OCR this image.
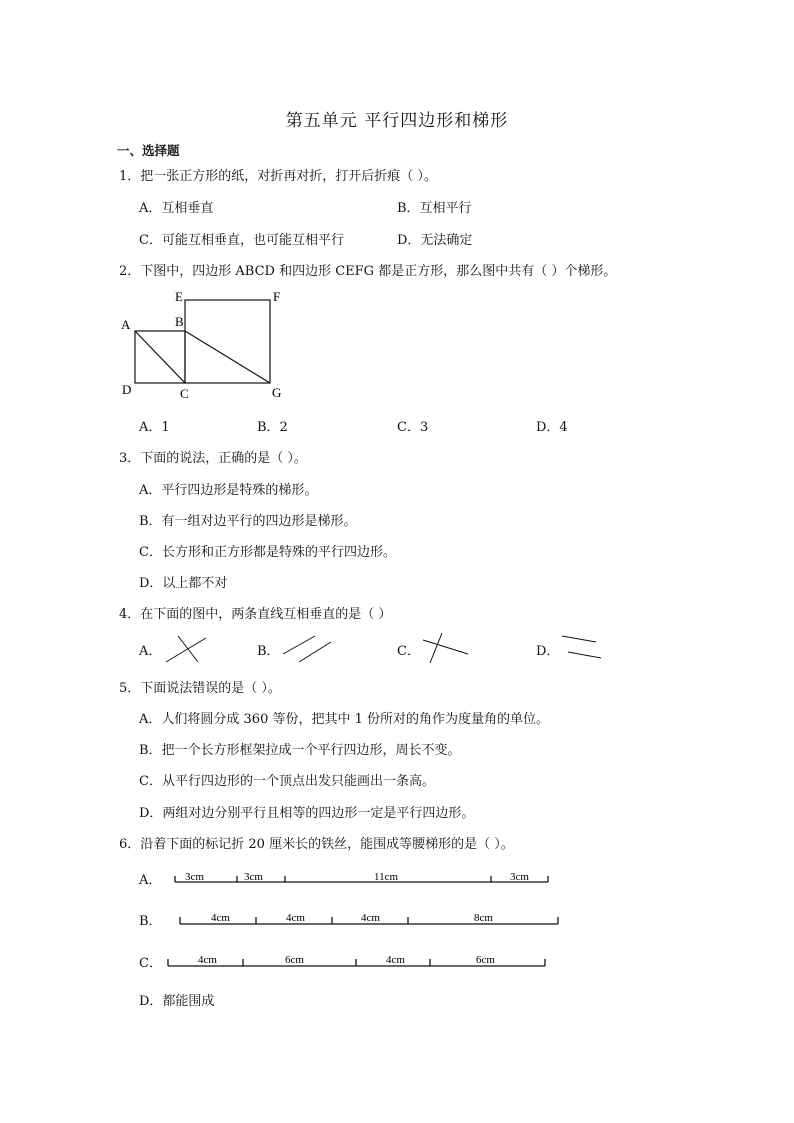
第五单元 平行四边形和梯形
一、选择题
1．把一张正方形的纸，对折再对折，打开后折痕（ ）。
A．互相垂直	B．互相平行
C．可能互相垂直，也可能互相平行	D．无法确定
2．下图中，四边形 ABCD 和四边形 CEFG 都是正方形，那么图中共有（ ）个梯形。
A	B
C
D
E	F
G
A．1	B．2	C．3	D．4
3．下面的说法，正确的是（ ）。
A．平行四边形是特殊的梯形。
B．有一组对边平行的四边形是梯形。
C．长方形和正方形都是特殊的平行四边形。
D．以上都不对
4．在下面的图中，两条直线互相垂直的是（ ）
A．	B．	C．	D．
5．下面说法错误的是（ ）。
A．人们将圆分成 360 等份，把其中 1 份所对的角作为度量角的单位。
B．把一个长方形框架拉成一个平行四边形，周长不变。
C．从平行四边形的一个顶点出发只能画出一条高。
D．两组对边分别平行且相等的四边形一定是平行四边形。
6．沿着下面的标记折 20 厘米长的铁丝，能围成等腰梯形的是（ ）。
A． 3cm	3cm	11cm	3cm
B．	4cm	4cm	4cm	8cm
C．	4cm	6cm	4cm	6cm
D．都能围成
